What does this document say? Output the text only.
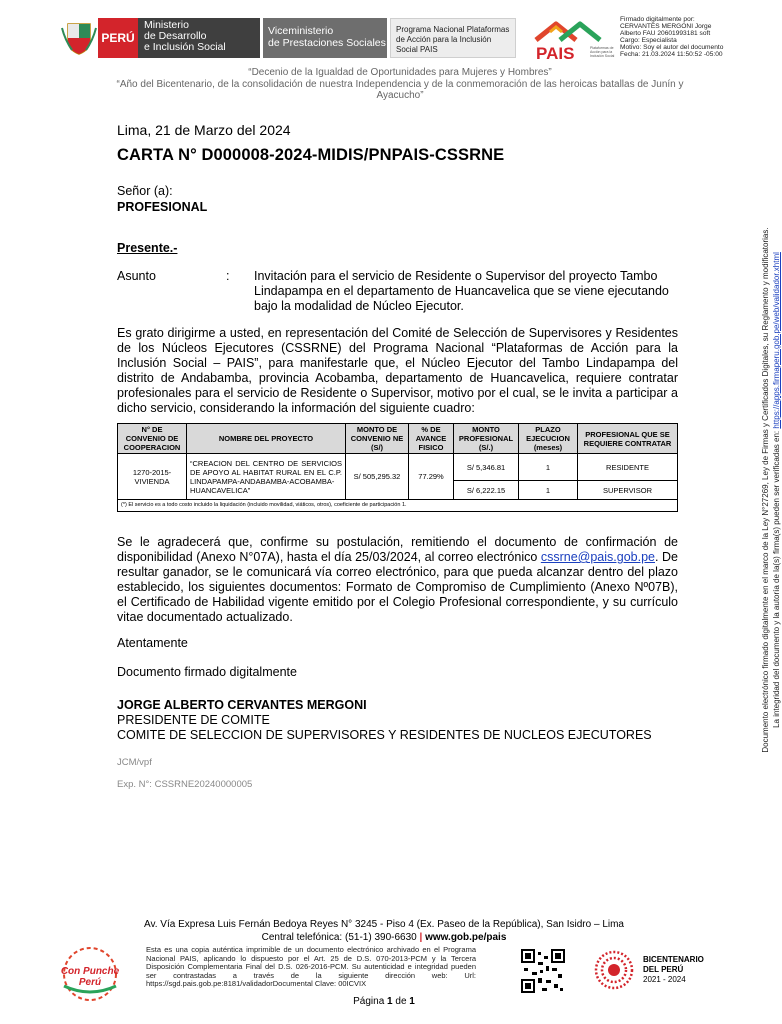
PERÚ
Ministerio
de Desarrollo
e Inclusión Social
Viceministerio
de Prestaciones Sociales
Programa Nacional Plataformas de Acción para la Inclusión Social PAIS	PAIS	Plataformas de Acción para la Inclusión Social
Firmado digitalmente por:
CERVANTES MERGONI Jorge
Alberto FAU 20601993181 soft
Cargo: Especialista
Motivo: Soy el autor del documento
Fecha: 21.03.2024 11:50:52 -05:00
“Decenio de la Igualdad de Oportunidades para Mujeres y Hombres”
“Año del Bicentenario, de la consolidación de nuestra Independencia y de la conmemoración de las heroicas batallas de Junín y Ayacucho”
Lima, 21 de Marzo del 2024
CARTA N° D000008-2024-MIDIS/PNPAIS-CSSRNE
Señor (a):
PROFESIONAL
Presente.-
Asunto	: Invitación para el servicio de Residente o Supervisor del proyecto Tambo Lindapampa en el departamento de Huancavelica que se viene ejecutando bajo la modalidad de Núcleo Ejecutor.
Es grato dirigirme a usted, en representación del Comité de Selección de Supervisores y Residentes de los Núcleos Ejecutores (CSSRNE) del Programa Nacional “Plataformas de Acción para la Inclusión Social – PAIS”, para manifestarle que, el Núcleo Ejecutor del Tambo Lindapampa del distrito de Andabamba, provincia Acobamba, departamento de Huancavelica, requiere contratar profesionales para el servicio de Residente o Supervisor, motivo por el cual, se le invita a participar a dicho servicio, considerando la información del siguiente cuadro:
N° DE CONVENIO DE COOPERACION	NOMBRE DEL PROYECTO	MONTO DE CONVENIO NE (S/)	% DE AVANCE FISICO	MONTO PROFESIONAL (S/.)	PLAZO EJECUCION (meses)	PROFESIONAL QUE SE REQUIERE CONTRATAR
1270-2015-VIVIENDA	“CREACION DEL CENTRO DE SERVICIOS DE APOYO AL HABITAT RURAL EN EL C.P. LINDAPAMPA-ANDABAMBA-ACOBAMBA-HUANCAVELICA”	S/ 505,295.32	77.29%	S/ 5,346.81	1	RESIDENTE
				S/ 6,222.15	1	SUPERVISOR
(*) El servicio es a todo costo incluido la liquidación (incluido movilidad, viáticos, otros), coeficiente de participación 1.						
Se le agradecerá que, confirme su postulación, remitiendo el documento de confirmación de disponibilidad (Anexo N°07A), hasta el día 25/03/2024, al correo electrónico cssrne@pais.gob.pe. De resultar ganador, se le comunicará vía correo electrónico, para que pueda alcanzar dentro del plazo establecido, los siguientes documentos: Formato de Compromiso de Cumplimiento (Anexo Nº07B), el Certificado de Habilidad vigente emitido por el Colegio Profesional correspondiente, y su currículo vitae documentado actualizado.
Atentamente
Documento firmado digitalmente
JORGE ALBERTO CERVANTES MERGONI
PRESIDENTE DE COMITE
COMITE DE SELECCION DE SUPERVISORES Y RESIDENTES DE NUCLEOS EJECUTORES
JCM/vpf
Exp. N°: CSSRNE20240000005
Documento electrónico firmado digitalmente en el marco de la Ley N°27269, Ley de Firmas y Certificados Digitales, su Reglamento y modificatorias. La integridad del documento y la autoría de la(s) firma(s) pueden ser verificadas en: https://apps.firmaperu.gob.pe/web/validador.xhtml
Av. Vía Expresa Luis Fernán Bedoya Reyes N° 3245 - Piso 4 (Ex. Paseo de la República), San Isidro – Lima
Central telefónica: (51-1) 390-6630 | www.gob.pe/pais
Con Punche Perú
Esta es una copia auténtica imprimible de un documento electrónico archivado en el Programa Nacional PAIS, aplicando lo dispuesto por el Art. 25 de D.S. 070-2013-PCM y la Tercera Disposición Complementaria Final del D.S. 026-2016-PCM. Su autenticidad e integridad pueden ser contrastadas a través de la siguiente dirección web: Url: https://sgd.pais.gob.pe:8181/validadorDocumental Clave: 00ICVIX
BICENTENARIO
DEL PERÚ
2021 - 2024
Página 1 de 1
